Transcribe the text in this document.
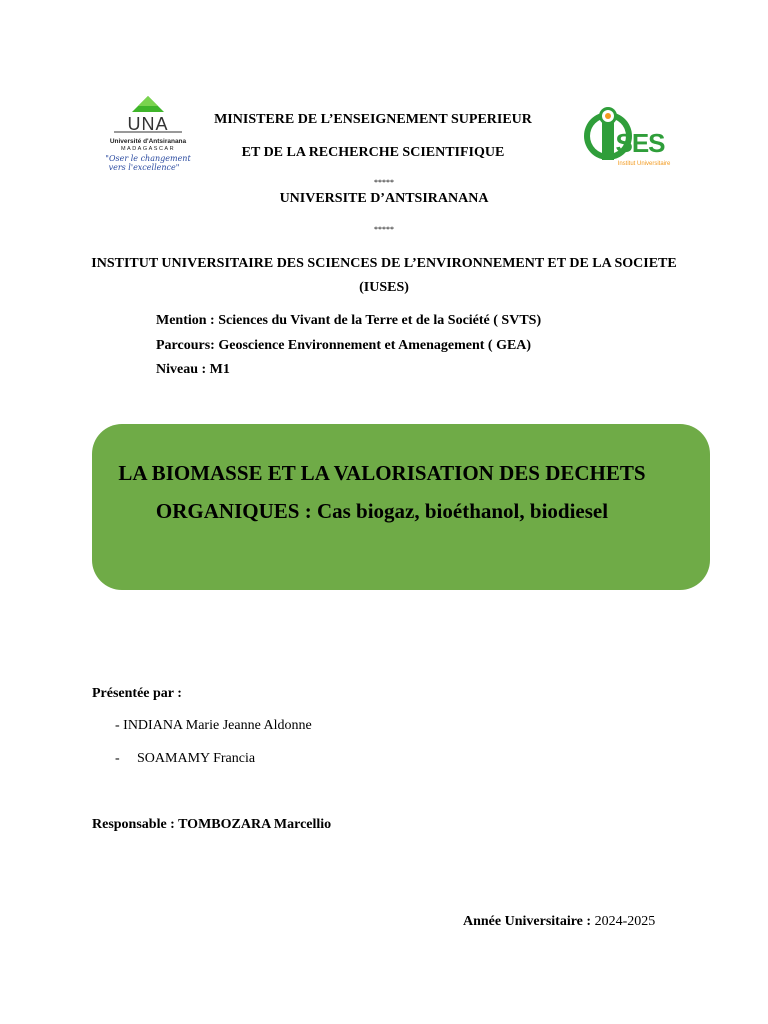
UNA
Université d'Antsiranana
MADAGASCAR
"Oser le changement
vers l'excellence"
SES
Institut Universitaire
MINISTERE DE L’ENSEIGNEMENT SUPERIEUR
ET DE LA RECHERCHE SCIENTIFIQUE
*****
UNIVERSITE D’ANTSIRANANA
*****
INSTITUT UNIVERSITAIRE DES SCIENCES DE L’ENVIRONNEMENT ET DE LA SOCIETE (IUSES)
Mention : Sciences du Vivant de la Terre et de la Société ( SVTS)
Parcours: Geoscience Environnement et Amenagement ( GEA)
Niveau : M1
LA BIOMASSE ET LA VALORISATION DES DECHETS ORGANIQUES : Cas biogaz, bioéthanol, biodiesel
Présentée par :
- INDIANA Marie Jeanne Aldonne
- SOAMAMY Francia
Responsable : TOMBOZARA Marcellio
Année Universitaire : 2024-2025
